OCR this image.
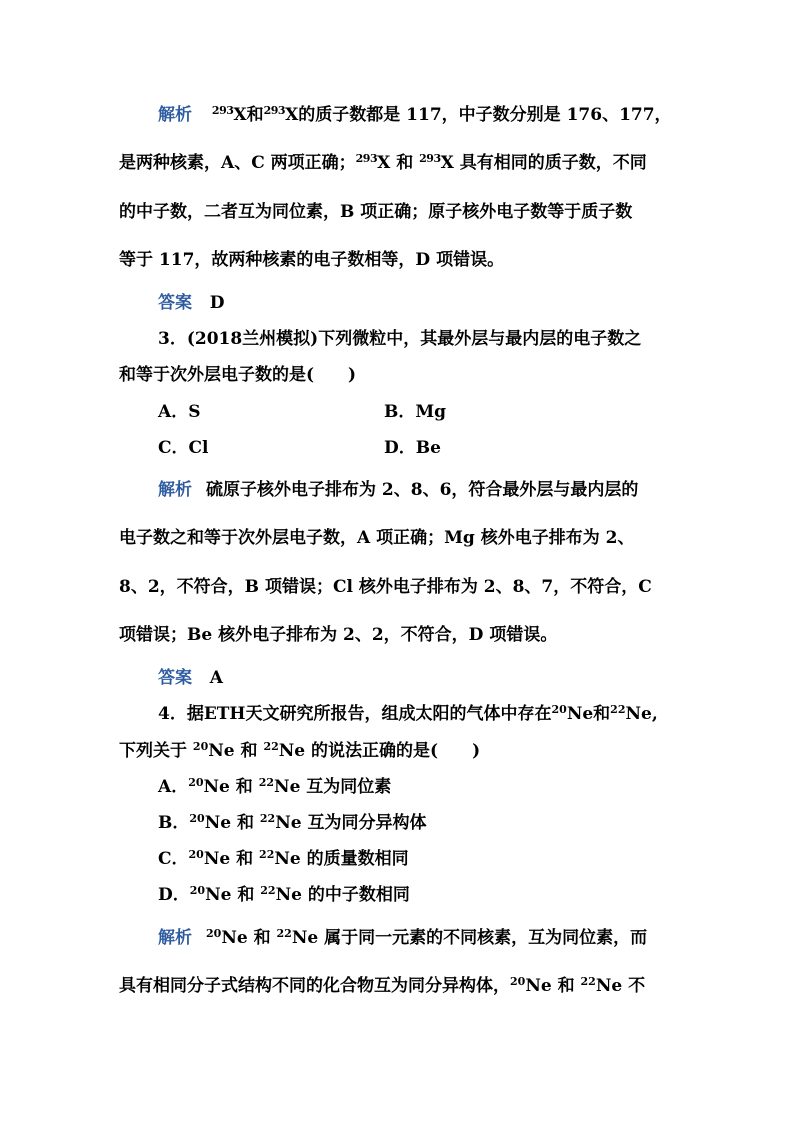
解析 $^{293}$X和$^{293}$X的质子数都是 117，中子数分别是 176、177，
是两种核素，A、C 两项正确；$^{293}$X 和 $^{293}$X 具有相同的质子数，不同
的中子数，二者互为同位素，B 项正确；原子核外电子数等于质子数
等于 117，故两种核素的电子数相等，D 项错误。
答案 D
3．(2018兰州模拟)下列微粒中，其最外层与最内层的电子数之
和等于次外层电子数的是(　　)
A．S	B．Mg
C．Cl	D．Be
解析 硫原子核外电子排布为 2、8、6，符合最外层与最内层的
电子数之和等于次外层电子数，A 项正确；Mg 核外电子排布为 2、
8、2，不符合，B 项错误；Cl 核外电子排布为 2、8、7，不符合，C
项错误；Be 核外电子排布为 2、2，不符合，D 项错误。
答案 A
4．据ETH天文研究所报告，组成太阳的气体中存在$^{20}$Ne和$^{22}$Ne,
下列关于 $^{20}$Ne 和 $^{22}$Ne 的说法正确的是(　　)
A．$^{20}$Ne 和 $^{22}$Ne 互为同位素
B．$^{20}$Ne 和 $^{22}$Ne 互为同分异构体
C．$^{20}$Ne 和 $^{22}$Ne 的质量数相同
D．$^{20}$Ne 和 $^{22}$Ne 的中子数相同
解析 $^{20}$Ne 和 $^{22}$Ne 属于同一元素的不同核素，互为同位素，而
具有相同分子式结构不同的化合物互为同分异构体，$^{20}$Ne 和 $^{22}$Ne 不
